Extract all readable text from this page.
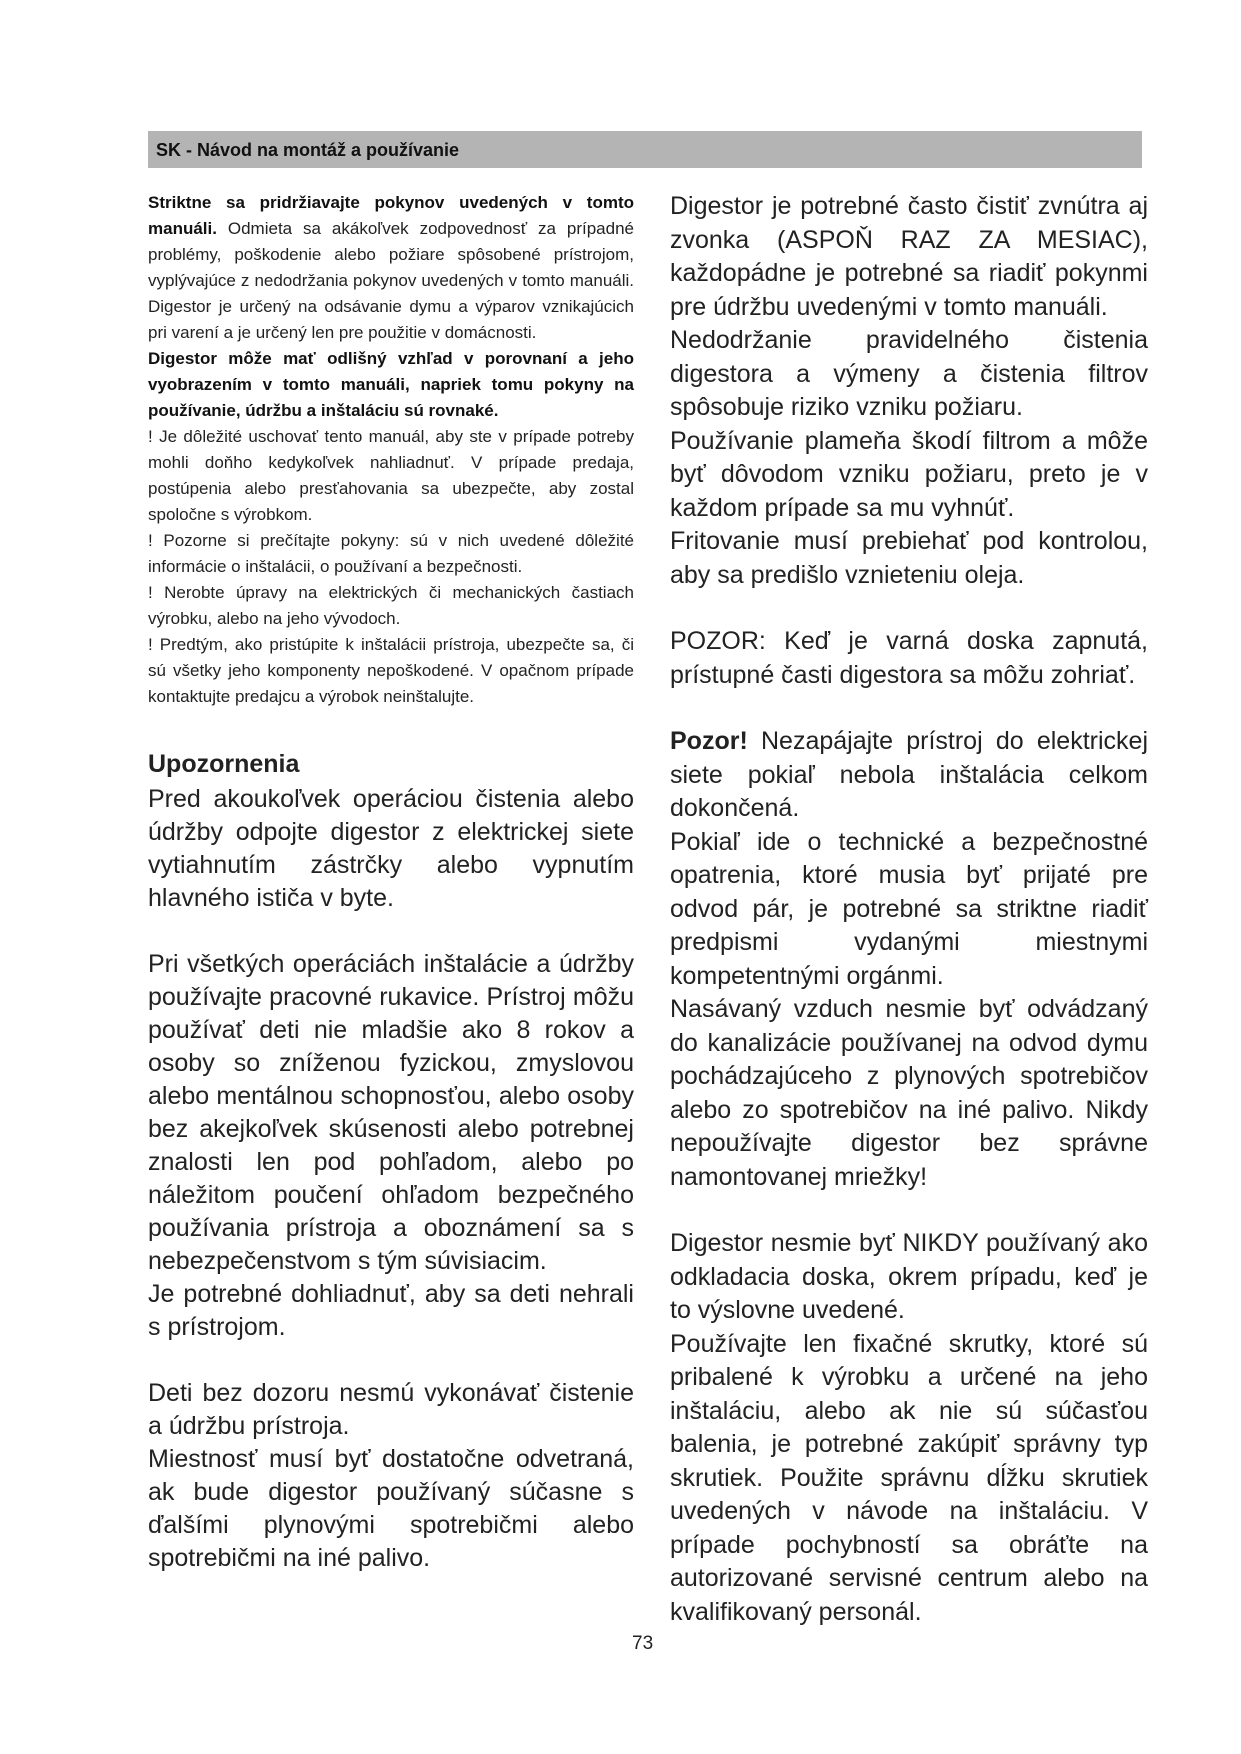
SK - Návod na montáž a používanie

Striktne sa pridržiavajte pokynov uvedených v tomto manuáli. Odmieta sa akákoľvek zodpovednosť za prípadné problémy, poškodenie alebo požiare spôsobené prístrojom, vyplývajúce z nedodržania pokynov uvedených v tomto manuáli. Digestor je určený na odsávanie dymu a výparov vznikajúcich pri varení a je určený len pre použitie v domácnosti.

Digestor môže mať odlišný vzhľad v porovnaní a jeho vyobrazením v tomto manuáli, napriek tomu pokyny na používanie, údržbu a inštaláciu sú rovnaké.

! Je dôležité uschovať tento manuál, aby ste v prípade potreby mohli doňho kedykoľvek nahliadnuť. V prípade predaja, postúpenia alebo presťahovania sa ubezpečte, aby zostal spoločne s výrobkom.

! Pozorne si prečítajte pokyny: sú v nich uvedené dôležité informácie o inštalácii, o používaní a bezpečnosti.

! Nerobte úpravy na elektrických či mechanických častiach výrobku, alebo na jeho vývodoch.

! Predtým, ako pristúpite k inštalácii prístroja, ubezpečte sa, či sú všetky jeho komponenty nepoškodené. V opačnom prípade kontaktujte predajcu a výrobok neinštalujte.

Upozornenia

Pred akoukoľvek operáciou čistenia alebo údržby odpojte digestor z elektrickej siete vytiahnutím zástrčky alebo vypnutím hlavného ističa v byte.

Pri všetkých operáciách inštalácie a údržby používajte pracovné rukavice. Prístroj môžu používať deti nie mladšie ako 8 rokov a osoby so zníženou fyzickou, zmyslovou alebo mentálnou schopnosťou, alebo osoby bez akejkoľvek skúsenosti alebo potrebnej znalosti len pod pohľadom, alebo po náležitom poučení ohľadom bezpečného používania prístroja a oboznámení sa s nebezpečenstvom s tým súvisiacim.

Je potrebné dohliadnuť, aby sa deti nehrali s prístrojom.

Deti bez dozoru nesmú vykonávať čistenie a údržbu prístroja.

Miestnosť musí byť dostatočne odvetraná, ak bude digestor používaný súčasne s ďalšími plynovými spotrebičmi alebo spotrebičmi na iné palivo.

Digestor je potrebné často čistiť zvnútra aj zvonka (ASPOŇ RAZ ZA MESIAC), každopádne je potrebné sa riadiť pokynmi pre údržbu uvedenými v tomto manuáli.

Nedodržanie pravidelného čistenia digestora a výmeny a čistenia filtrov spôsobuje riziko vzniku požiaru.

Používanie plameňa škodí filtrom a môže byť dôvodom vzniku požiaru, preto je v každom prípade sa mu vyhnúť.

Fritovanie musí prebiehať pod kontrolou, aby sa predišlo vznieteniu oleja.

POZOR: Keď je varná doska zapnutá, prístupné časti digestora sa môžu zohriať.

Pozor! Nezapájajte prístroj do elektrickej siete pokiaľ nebola inštalácia celkom dokončená.

Pokiaľ ide o technické a bezpečnostné opatrenia, ktoré musia byť prijaté pre odvod pár, je potrebné sa striktne riadiť predpismi vydanými miestnymi kompetentnými orgánmi.

Nasávaný vzduch nesmie byť odvádzaný do kanalizácie používanej na odvod dymu pochádzajúceho z plynových spotrebičov alebo zo spotrebičov na iné palivo. Nikdy nepoužívajte digestor bez správne namontovanej mriežky!

Digestor nesmie byť NIKDY používaný ako odkladacia doska, okrem prípadu, keď je to výslovne uvedené.

Používajte len fixačné skrutky, ktoré sú pribalené k výrobku a určené na jeho inštaláciu, alebo ak nie sú súčasťou balenia, je potrebné zakúpiť správny typ skrutiek. Použite správnu dĺžku skrutiek uvedených v návode na inštaláciu. V prípade pochybností sa obráťte na autorizované servisné centrum alebo na kvalifikovaný personál.

73
